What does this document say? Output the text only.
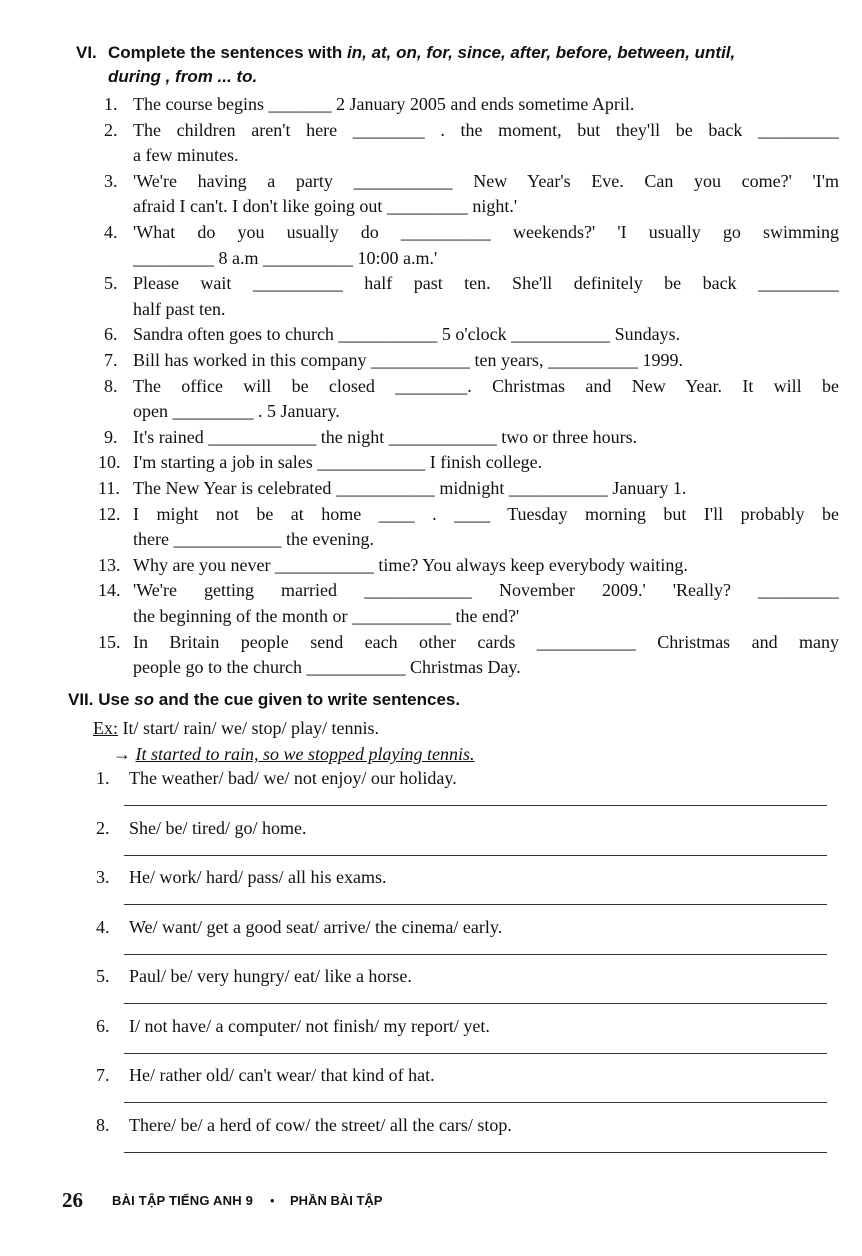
VI. Complete the sentences with in, at, on, for, since, after, before, between, until,
during , from ... to.
1. The course begins _______ 2 January 2005 and ends sometime April.
2. The children aren't here ________ . the moment, but they'll be back _________
a few minutes.
3. 'We're having a party ___________ New Year's Eve. Can you come?' 'I'm
afraid I can't. I don't like going out _________ night.'
4. 'What do you usually do __________ weekends?' 'I usually go swimming
_________ 8 a.m __________ 10:00 a.m.'
5. Please wait __________ half past ten. She'll definitely be back _________
half past ten.
6. Sandra often goes to church ___________ 5 o'clock ___________ Sundays.
7. Bill has worked in this company ___________ ten years, __________ 1999.
8. The office will be closed ________. Christmas and New Year. It will be
open _________ . 5 January.
9. It's rained ____________ the night ____________ two or three hours.
10. I'm starting a job in sales ____________ I finish college.
11. The New Year is celebrated ___________ midnight ___________ January 1.
12. I might not be at home ____ . ____ Tuesday morning but I'll probably be
there ____________ the evening.
13. Why are you never ___________ time? You always keep everybody waiting.
14. 'We're getting married ____________ November 2009.' 'Really? _________
the beginning of the month or ___________ the end?'
15. In Britain people send each other cards ___________ Christmas and many
people go to the church ___________ Christmas Day.
VII. Use so and the cue given to write sentences.
Ex: It/ start/ rain/ we/ stop/ play/ tennis.
→ It started to rain, so we stopped playing tennis.
1. The weather/ bad/ we/ not enjoy/ our holiday.
2. She/ be/ tired/ go/ home.
3. He/ work/ hard/ pass/ all his exams.
4. We/ want/ get a good seat/ arrive/ the cinema/ early.
5. Paul/ be/ very hungry/ eat/ like a horse.
6. I/ not have/ a computer/ not finish/ my report/ yet.
7. He/ rather old/ can't wear/ that kind of hat.
8. There/ be/ a herd of cow/ the street/ all the cars/ stop.
26 BÀI TẬP TIẾNG ANH 9 • PHẦN BÀI TẬP
